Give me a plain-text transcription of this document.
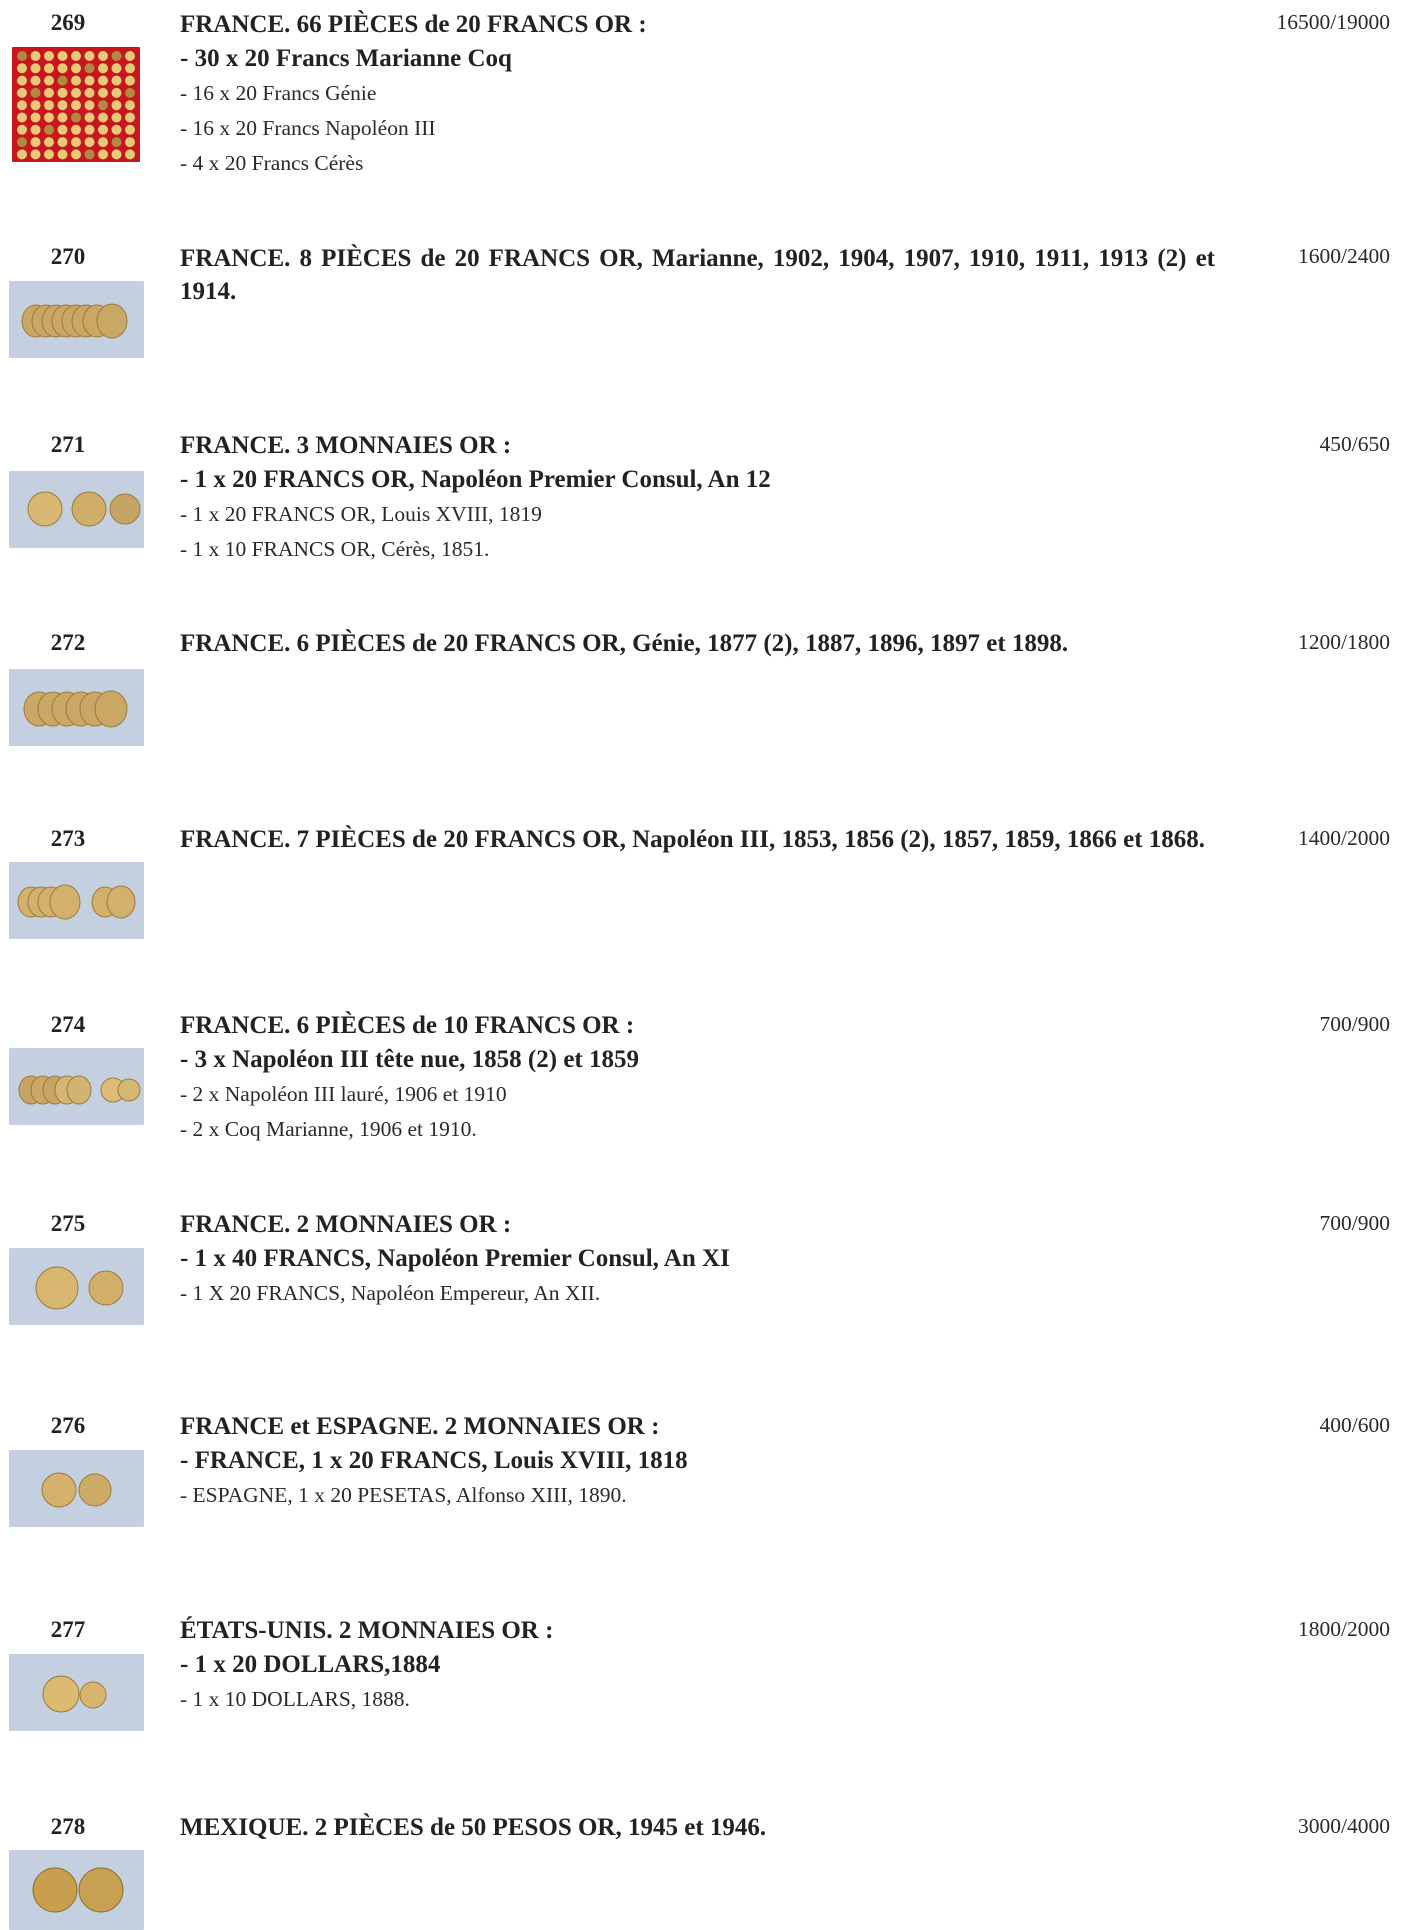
269	FRANCE. 66 PIÈCES de 20 FRANCS OR :

- 30 x 20 Francs Marianne Coq

- 16 x 20 Francs Génie

- 16 x 20 Francs Napoléon III

- 4 x 20 Francs Cérès

16500/19000
270	FRANCE. 8 PIÈCES de 20 FRANCS OR, Marianne, 1902, 1904, 1907, 1910, 1911, 1913 (2) et 1914.

1600/2400
271	FRANCE. 3 MONNAIES OR :

- 1 x 20 FRANCS OR, Napoléon Premier Consul, An 12

- 1 x 20 FRANCS OR, Louis XVIII, 1819

- 1 x 10 FRANCS OR, Cérès, 1851.

450/650
272	FRANCE. 6 PIÈCES de 20 FRANCS OR, Génie, 1877 (2), 1887, 1896, 1897 et 1898.	1200/1800
273	FRANCE. 7 PIÈCES de 20 FRANCS OR, Napoléon III, 1853, 1856 (2), 1857, 1859, 1866 et 1868.	1400/2000
274	FRANCE. 6 PIÈCES de 10 FRANCS OR :

- 3 x Napoléon III tête nue, 1858 (2) et 1859

- 2 x Napoléon III lauré, 1906 et 1910

- 2 x Coq Marianne, 1906 et 1910.

700/900
275	FRANCE. 2 MONNAIES OR :

- 1 x 40 FRANCS, Napoléon Premier Consul, An XI

- 1 X 20 FRANCS, Napoléon Empereur, An XII.

700/900
276	FRANCE et ESPAGNE. 2 MONNAIES OR :

- FRANCE, 1 x 20 FRANCS, Louis XVIII, 1818

- ESPAGNE, 1 x 20 PESETAS, Alfonso XIII, 1890.

400/600
277	ÉTATS-UNIS. 2 MONNAIES OR :

- 1 x 20 DOLLARS,1884

- 1 x 10 DOLLARS, 1888.

1800/2000
278	MEXIQUE. 2 PIÈCES de 50 PESOS OR, 1945 et 1946.	3000/4000
